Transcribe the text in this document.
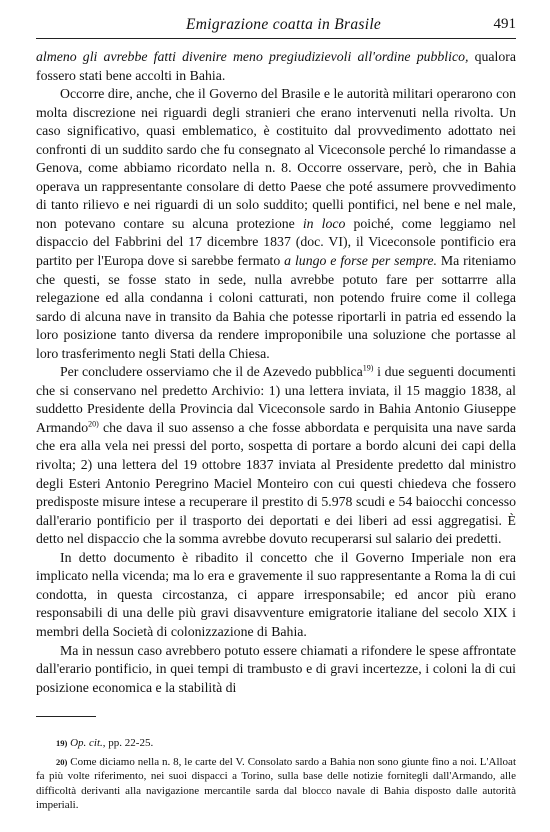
Emigrazione coatta in Brasile	491

almeno gli avrebbe fatti divenire meno pregiudizievoli all'ordine pubblico, qualora fossero stati bene accolti in Bahia.

Occorre dire, anche, che il Governo del Brasile e le autorità militari operarono con molta discrezione nei riguardi degli stranieri che erano intervenuti nella rivolta. Un caso significativo, quasi emblematico, è costituito dal provvedimento adottato nei confronti di un suddito sardo che fu consegnato al Viceconsole perché lo rimandasse a Genova, come abbiamo ricordato nella n. 8. Occorre osservare, però, che in Bahia operava un rappresentante consolare di detto Paese che poté assumere provvedimento di tanto rilievo e nei riguardi di un solo suddito; quelli pontifici, nel bene e nel male, non potevano contare su alcuna protezione in loco poiché, come leggiamo nel dispaccio del Fabbrini del 17 dicembre 1837 (doc. VI), il Viceconsole pontificio era partito per l'Europa dove si sarebbe fermato a lungo e forse per sempre. Ma riteniamo che questi, se fosse stato in sede, nulla avrebbe potuto fare per sottarrre alla relegazione ed alla condanna i coloni catturati, non potendo fruire come il collega sardo di alcuna nave in transito da Bahia che potesse riportarli in patria ed essendo la loro posizione tanto diversa da rendere improponibile una soluzione che portasse al loro trasferimento negli Stati della Chiesa.

Per concludere osserviamo che il de Azevedo pubblica$^{19)}$ i due seguenti documenti che si conservano nel predetto Archivio: 1) una lettera inviata, il 15 maggio 1838, al suddetto Presidente della Provincia dal Viceconsole sardo in Bahia Antonio Giuseppe Armando$^{20)}$ che dava il suo assenso a che fosse abbordata e perquisita una nave sarda che era alla vela nei pressi del porto, sospetta di portare a bordo alcuni dei capi della rivolta; 2) una lettera del 19 ottobre 1837 inviata al Presidente predetto dal ministro degli Esteri Antonio Peregrino Maciel Monteiro con cui questi chiedeva che fossero predisposte misure intese a recuperare il prestito di 5.978 scudi e 54 baiocchi concesso dall'erario pontificio per il trasporto dei deportati e dei liberi ad essi aggregatisi. È detto nel dispaccio che la somma avrebbe dovuto recuperarsi sul salario dei predetti.

In detto documento è ribadito il concetto che il Governo Imperiale non era implicato nella vicenda; ma lo era e gravemente il suo rappresentante a Roma la di cui condotta, in questa circostanza, ci appare irresponsabile; ed ancor più erano responsabili di una delle più gravi disavventure emigratorie italiane del secolo XIX i membri della Società di colonizzazione di Bahia.

Ma in nessun caso avrebbero potuto essere chiamati a rifondere le spese affrontate dall'erario pontificio, in quei tempi di trambusto e di gravi incertezze, i coloni la di cui posizione economica e la stabilità di

19) Op. cit., pp. 22-25.

20) Come diciamo nella n. 8, le carte del V. Consolato sardo a Bahia non sono giunte fino a noi. L'Alloat fa più volte riferimento, nei suoi dispacci a Torino, sulla base delle notizie fornitegli dall'Armando, alle difficoltà derivanti alla navigazione mercantile sarda dal blocco navale di Bahia disposto dalle autorità imperiali.
